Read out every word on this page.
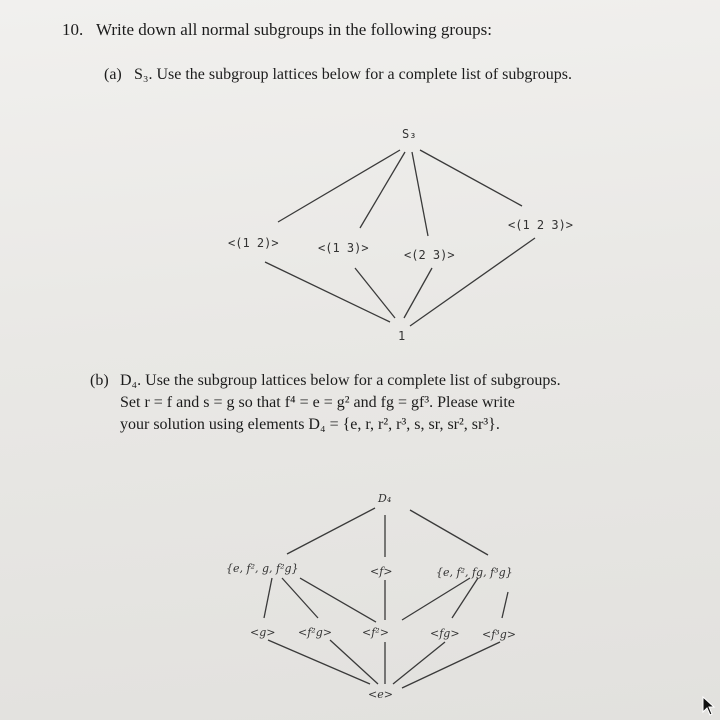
10. Write down all normal subgroups in the following groups:
(a) S₃. Use the subgroup lattices below for a complete list of subgroups.
(b) D₄. Use the subgroup lattices below for a complete list of subgroups.
Set r = f and s = g so that f⁴ = e = g² and fg = gf³. Please write
your solution using elements D₄ = {e, r, r², r³, s, sr, sr², sr³}.
S₃
<(1 2)>	<(1 3)>	<(2 3)>
<(1 2 3)>
1
D₄
{e, f², g, f²g}	<f>	{e, f², fg, f³g}
<g> <f²g>	<f²>	<fg> <f³g>
<e>
